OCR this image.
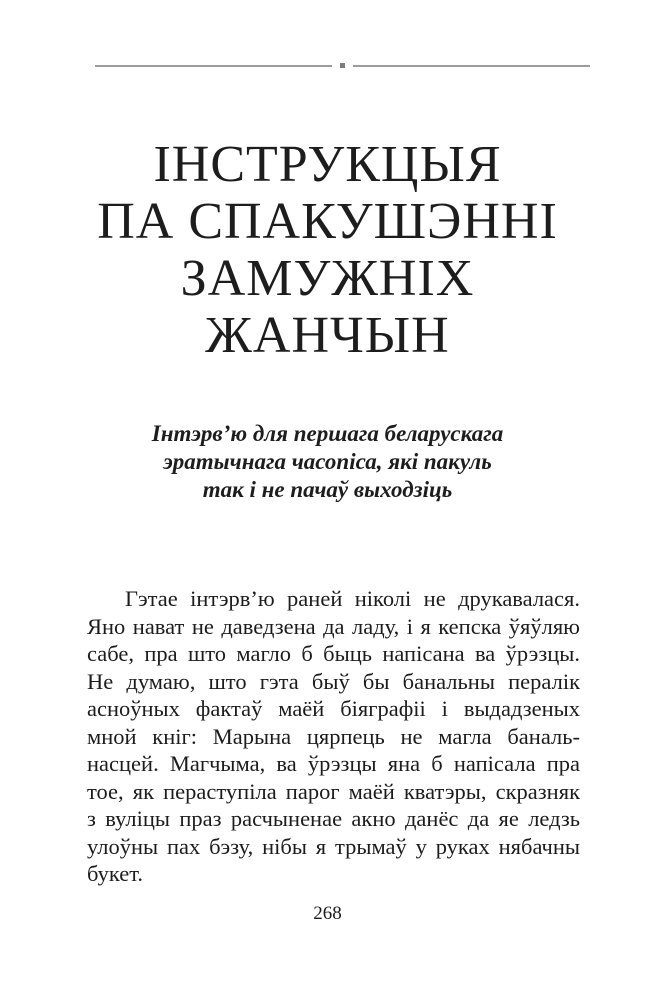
ІНСТРУКЦЫЯ
ПА СПАКУШЭННІ
ЗАМУЖНІХ
ЖАНЧЫН
Інтэрв’ю для першага беларускага
эратычнага часопіса, які пакуль
так і не пачаў выходзіць
Гэтае інтэрв’ю раней ніколі не друкавалася.
Яно нават не даведзена да ладу, і я кепска ўяўляю
сабе, пра што магло б быць напісана ва ўрэзцы.
Не думаю, што гэта быў бы банальны пералік
асноўных фактаў маёй біяграфіі і выдадзеных
мной кніг: Марына цярпець не магла баналь-
насцей. Магчыма, ва ўрэзцы яна б напісала пра
тое, як пераступіла парог маёй кватэры, скразняк
з вуліцы праз расчыненае акно данёс да яе ледзь
улоўны пах бэзу, нібы я трымаў у руках нябачны
букет.
268
